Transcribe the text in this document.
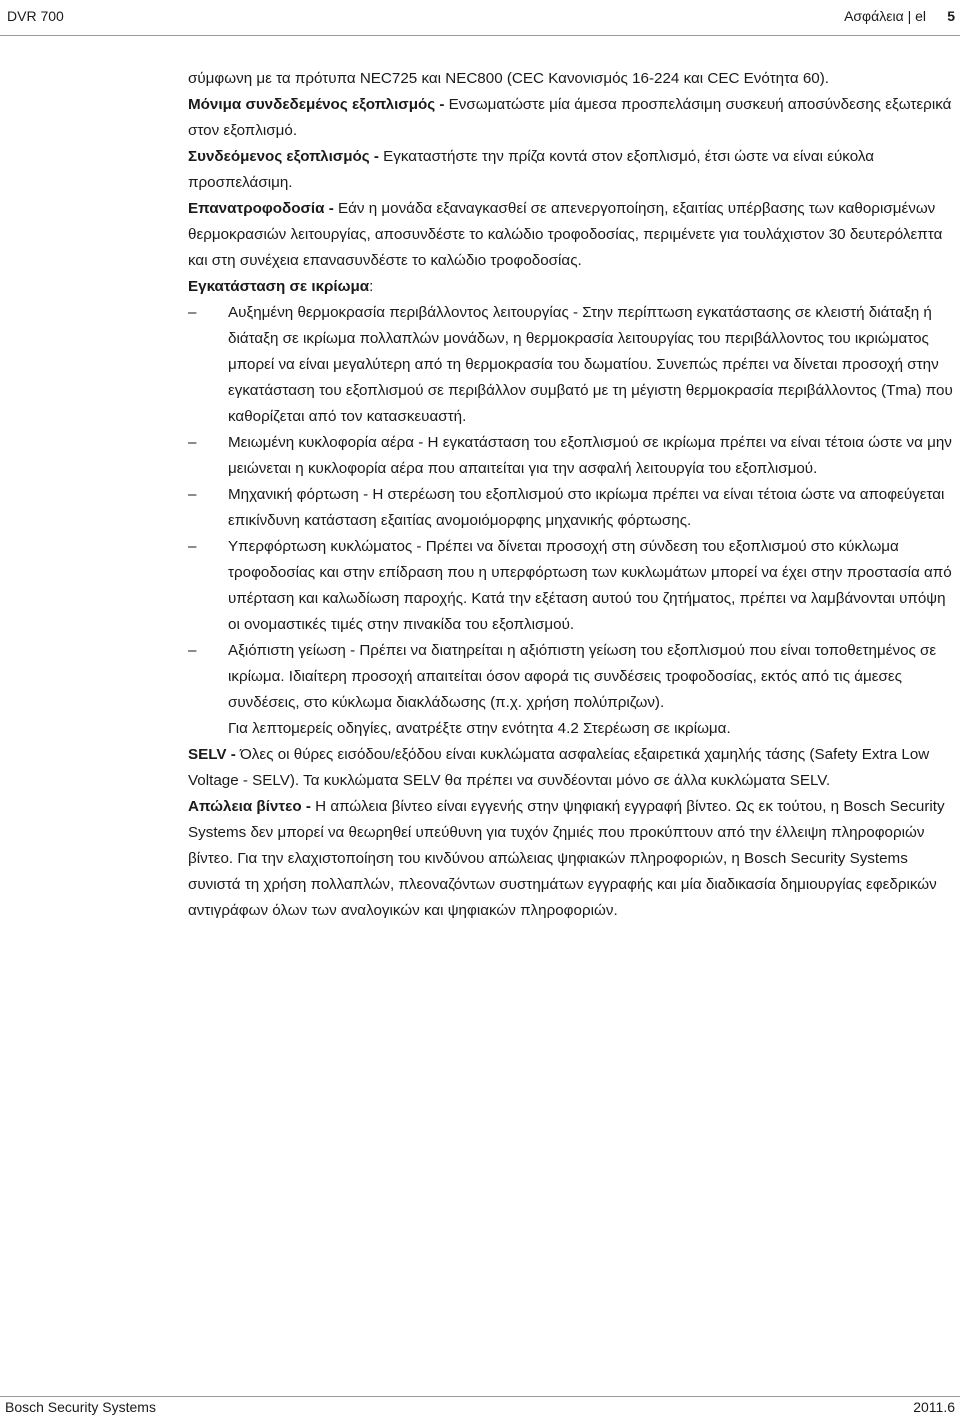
DVR 700	Ασφάλεια | el 5

σύμφωνη με τα πρότυπα NEC725 και NEC800 (CEC Κανονισμός 16-224 και CEC Ενότητα 60).

Μόνιμα συνδεδεμένος εξοπλισμός - Ενσωματώστε μία άμεσα προσπελάσιμη συσκευή αποσύνδεσης εξωτερικά στον εξοπλισμό.

Συνδεόμενος εξοπλισμός - Εγκαταστήστε την πρίζα κοντά στον εξοπλισμό, έτσι ώστε να είναι εύκολα προσπελάσιμη.

Επανατροφοδοσία - Εάν η μονάδα εξαναγκασθεί σε απενεργοποίηση, εξαιτίας υπέρβασης των καθορισμένων θερμοκρασιών λειτουργίας, αποσυνδέστε το καλώδιο τροφοδοσίας, περιμένετε για τουλάχιστον 30 δευτερόλεπτα και στη συνέχεια επανασυνδέστε το καλώδιο τροφοδοσίας.

Εγκατάσταση σε ικρίωμα:

– Αυξημένη θερμοκρασία περιβάλλοντος λειτουργίας - Στην περίπτωση εγκατάστασης σε κλειστή διάταξη ή διάταξη σε ικρίωμα πολλαπλών μονάδων, η θερμοκρασία λειτουργίας του περιβάλλοντος του ικριώματος μπορεί να είναι μεγαλύτερη από τη θερμοκρασία του δωματίου. Συνεπώς πρέπει να δίνεται προσοχή στην εγκατάσταση του εξοπλισμού σε περιβάλλον συμβατό με τη μέγιστη θερμοκρασία περιβάλλοντος (Tma) που καθορίζεται από τον κατασκευαστή.
– Μειωμένη κυκλοφορία αέρα - Η εγκατάσταση του εξοπλισμού σε ικρίωμα πρέπει να είναι τέτοια ώστε να μην μειώνεται η κυκλοφορία αέρα που απαιτείται για την ασφαλή λειτουργία του εξοπλισμού.
– Μηχανική φόρτωση - Η στερέωση του εξοπλισμού στο ικρίωμα πρέπει να είναι τέτοια ώστε να αποφεύγεται επικίνδυνη κατάσταση εξαιτίας ανομοιόμορφης μηχανικής φόρτωσης.
– Υπερφόρτωση κυκλώματος - Πρέπει να δίνεται προσοχή στη σύνδεση του εξοπλισμού στο κύκλωμα τροφοδοσίας και στην επίδραση που η υπερφόρτωση των κυκλωμάτων μπορεί να έχει στην προστασία από υπέρταση και καλωδίωση παροχής. Κατά την εξέταση αυτού του ζητήματος, πρέπει να λαμβάνονται υπόψη οι ονομαστικές τιμές στην πινακίδα του εξοπλισμού.
– Αξιόπιστη γείωση - Πρέπει να διατηρείται η αξιόπιστη γείωση του εξοπλισμού που είναι τοποθετημένος σε ικρίωμα. Ιδιαίτερη προσοχή απαιτείται όσον αφορά τις συνδέσεις τροφοδοσίας, εκτός από τις άμεσες συνδέσεις, στο κύκλωμα διακλάδωσης (π.χ. χρήση πολύπριζων).
Για λεπτομερείς οδηγίες, ανατρέξτε στην ενότητα 4.2 Στερέωση σε ικρίωμα.

SELV - Όλες οι θύρες εισόδου/εξόδου είναι κυκλώματα ασφαλείας εξαιρετικά χαμηλής τάσης (Safety Extra Low Voltage - SELV). Τα κυκλώματα SELV θα πρέπει να συνδέονται μόνο σε άλλα κυκλώματα SELV.

Απώλεια βίντεο - Η απώλεια βίντεο είναι εγγενής στην ψηφιακή εγγραφή βίντεο. Ως εκ τούτου, η Bosch Security Systems δεν μπορεί να θεωρηθεί υπεύθυνη για τυχόν ζημιές που προκύπτουν από την έλλειψη πληροφοριών βίντεο. Για την ελαχιστοποίηση του κινδύνου απώλειας ψηφιακών πληροφοριών, η Bosch Security Systems συνιστά τη χρήση πολλαπλών, πλεοναζόντων συστημάτων εγγραφής και μία διαδικασία δημιουργίας εφεδρικών αντιγράφων όλων των αναλογικών και ψηφιακών πληροφοριών.

Bosch Security Systems	2011.6
